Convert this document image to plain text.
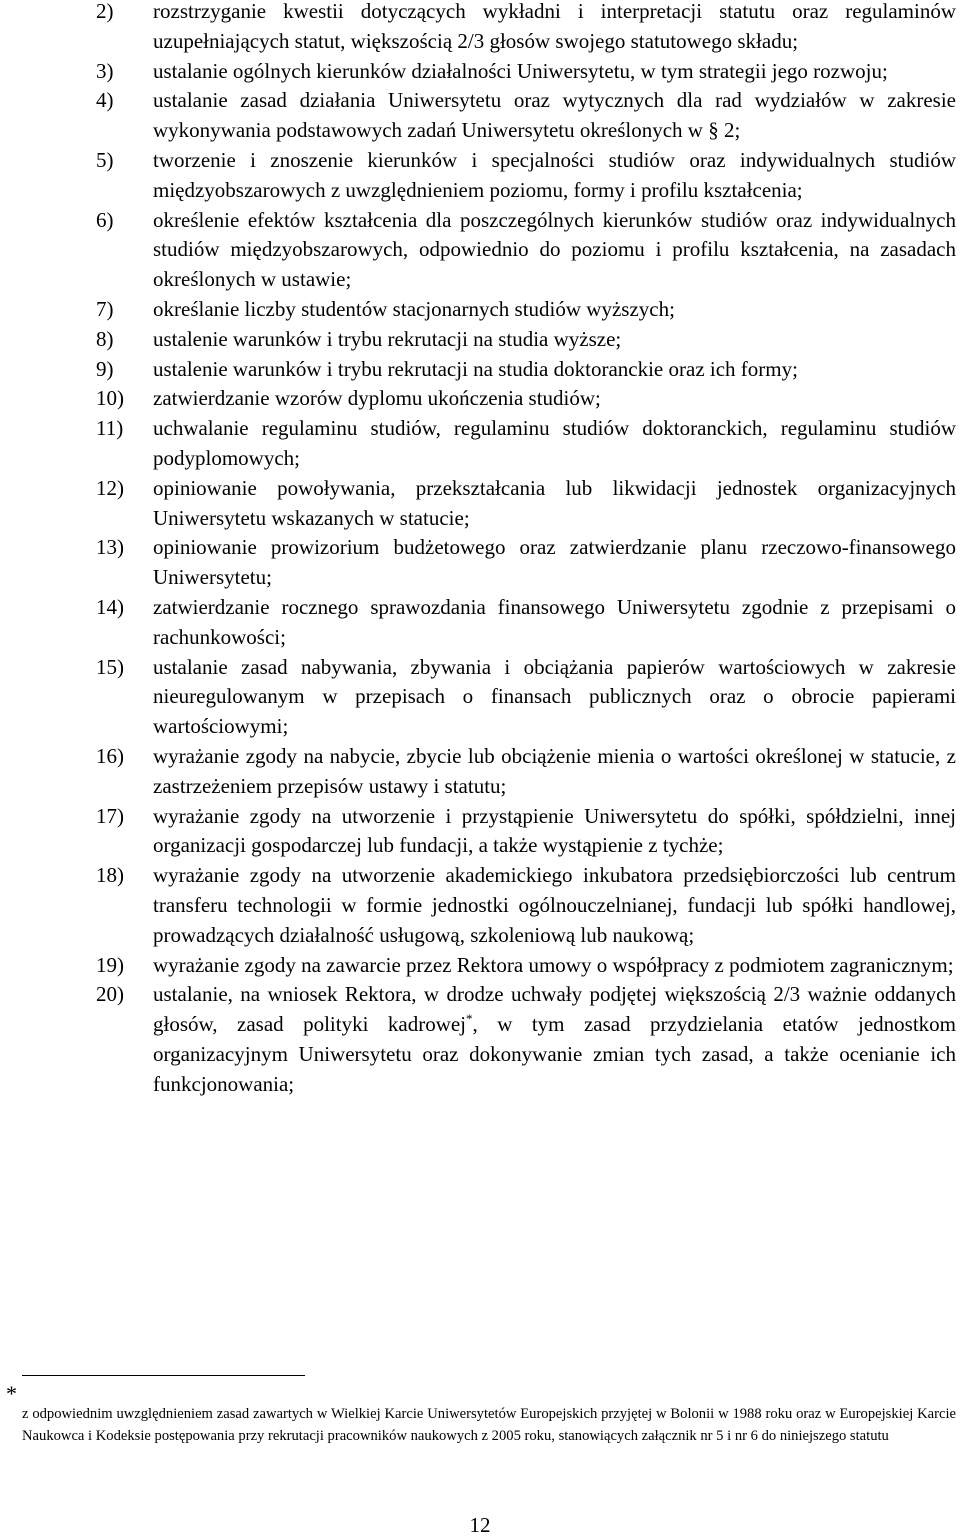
2)	rozstrzyganie kwestii dotyczących wykładni i interpretacji statutu oraz regulaminów uzupełniających statut, większością 2/3 głosów swojego statutowego składu;
3)	ustalanie ogólnych kierunków działalności Uniwersytetu, w tym strategii jego rozwoju;
4)	ustalanie zasad działania Uniwersytetu oraz wytycznych dla rad wydziałów w zakresie wykonywania podstawowych zadań Uniwersytetu określonych w § 2;
5)	tworzenie i znoszenie kierunków i specjalności studiów oraz indywidualnych studiów międzyobszarowych z uwzględnieniem poziomu, formy i profilu kształcenia;
6)	określenie efektów kształcenia dla poszczególnych kierunków studiów oraz indywidualnych studiów międzyobszarowych, odpowiednio do poziomu i profilu kształcenia, na zasadach określonych w ustawie;
7)	określanie liczby studentów stacjonarnych studiów wyższych;
8)	ustalenie warunków i trybu rekrutacji na studia wyższe;
9)	ustalenie warunków i trybu rekrutacji na studia doktoranckie oraz ich formy;
10)	zatwierdzanie wzorów dyplomu ukończenia studiów;
11)	uchwalanie regulaminu studiów, regulaminu studiów doktoranckich, regulaminu studiów podyplomowych;
12)	opiniowanie powoływania, przekształcania lub likwidacji jednostek organizacyjnych Uniwersytetu wskazanych w statucie;
13)	opiniowanie prowizorium budżetowego oraz zatwierdzanie planu rzeczowo-finansowego Uniwersytetu;
14)	zatwierdzanie rocznego sprawozdania finansowego Uniwersytetu zgodnie z przepisami o rachunkowości;
15)	ustalanie zasad nabywania, zbywania i obciążania papierów wartościowych w zakresie nieuregulowanym w przepisach o finansach publicznych oraz o obrocie papierami wartościowymi;
16)	wyrażanie zgody na nabycie, zbycie lub obciążenie mienia o wartości określonej w statucie, z zastrzeżeniem przepisów ustawy i statutu;
17)	wyrażanie zgody na utworzenie i przystąpienie Uniwersytetu do spółki, spółdzielni, innej organizacji gospodarczej lub fundacji, a także wystąpienie z tychże;
18)	wyrażanie zgody na utworzenie akademickiego inkubatora przedsiębiorczości lub centrum transferu technologii w formie jednostki ogólnouczelnianej, fundacji lub spółki handlowej, prowadzących działalność usługową, szkoleniową lub naukową;
19)	wyrażanie zgody na zawarcie przez Rektora umowy o współpracy z podmiotem zagranicznym;
20)	ustalanie, na wniosek Rektora, w drodze uchwały podjętej większością 2/3 ważnie oddanych głosów, zasad polityki kadrowej*, w tym zasad przydzielania etatów jednostkom organizacyjnym Uniwersytetu oraz dokonywanie zmian tych zasad, a także ocenianie ich funkcjonowania;
*
z odpowiednim uwzględnieniem zasad zawartych w Wielkiej Karcie Uniwersytetów Europejskich przyjętej w Bolonii w 1988 roku oraz w Europejskiej Karcie Naukowca i Kodeksie postępowania przy rekrutacji pracowników naukowych z 2005 roku, stanowiących załącznik nr 5 i nr 6 do niniejszego statutu
12
